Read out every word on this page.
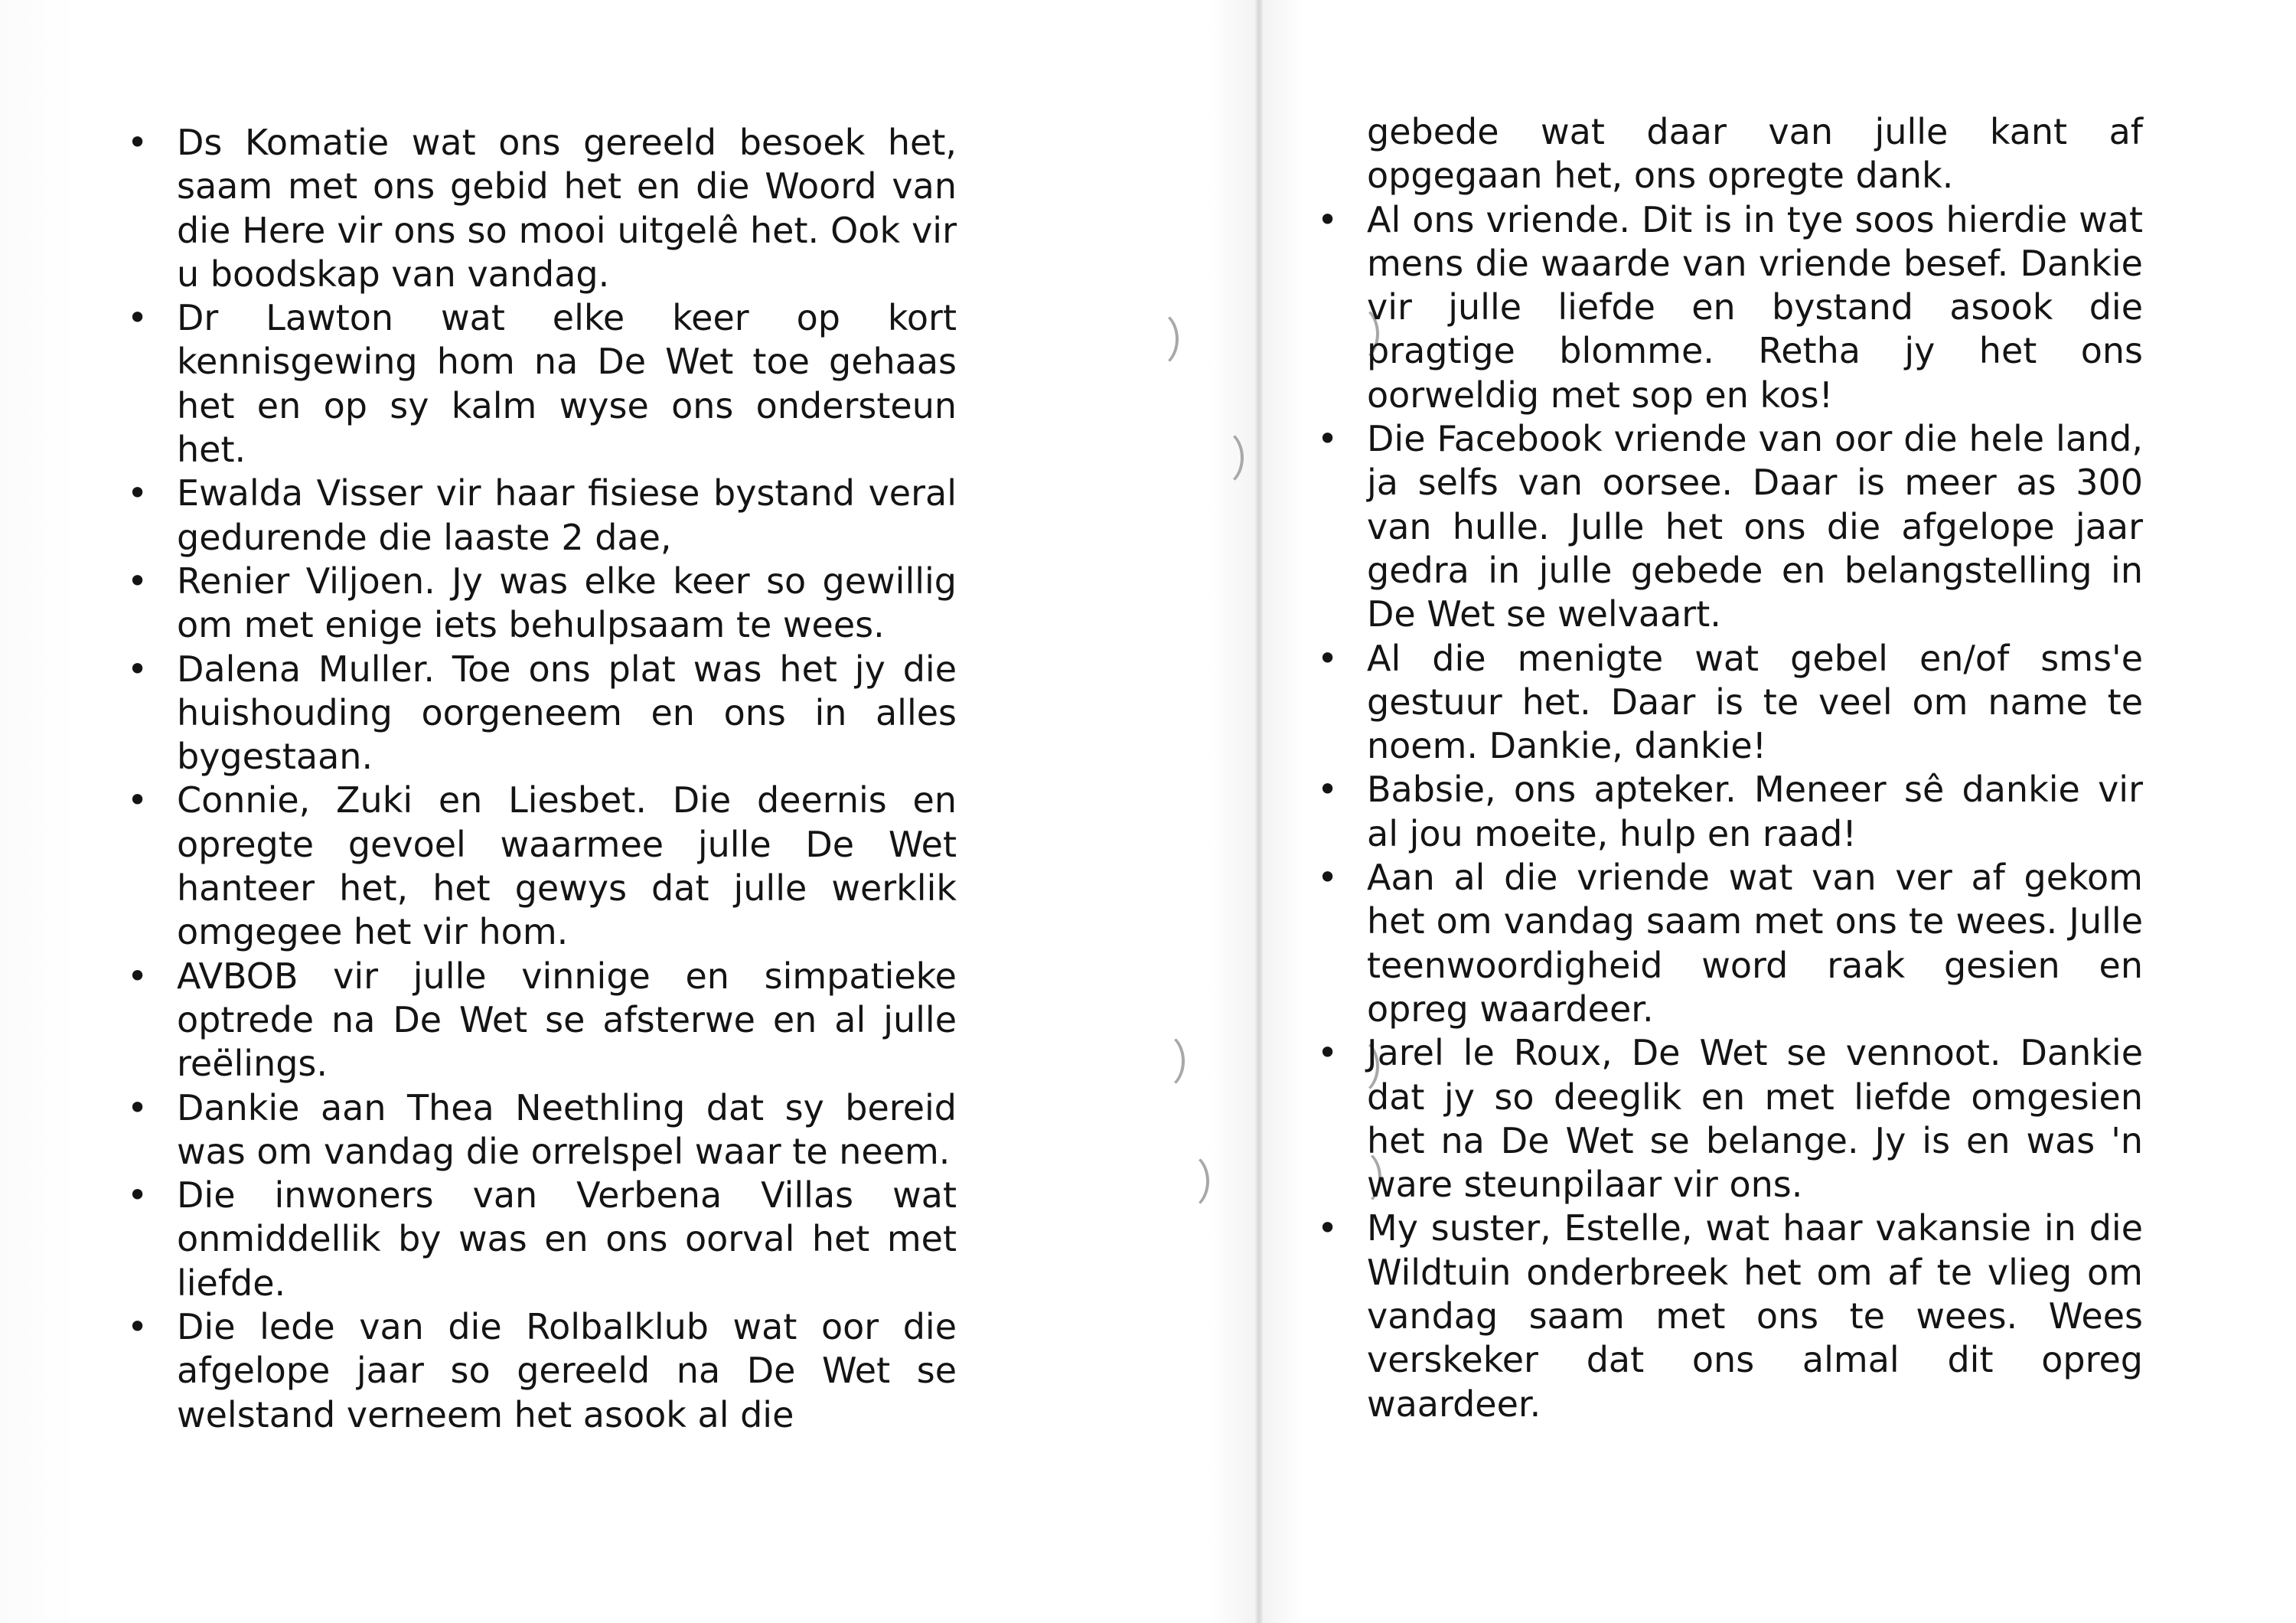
• Ds Komatie wat ons gereeld besoek het, saam met ons gebid het en die Woord van die Here vir ons so mooi uitgelê het. Ook vir u boodskap van vandag.
• Dr Lawton wat elke keer op kort kennisgewing hom na De Wet toe gehaas het en op sy kalm wyse ons ondersteun het.
• Ewalda Visser vir haar fisiese bystand veral gedurende die laaste 2 dae,
• Renier Viljoen. Jy was elke keer so gewillig om met enige iets behulpsaam te wees.
• Dalena Muller. Toe ons plat was het jy die huishouding oorgeneem en ons in alles bygestaan.
• Connie, Zuki en Liesbet. Die deernis en opregte gevoel waarmee julle De Wet hanteer het, het gewys dat julle werklik omgegee het vir hom.
• AVBOB vir julle vinnige en simpatieke optrede na De Wet se afsterwe en al julle reëlings.
• Dankie aan Thea Neethling dat sy bereid was om vandag die orrelspel waar te neem.
• Die inwoners van Verbena Villas wat onmiddellik by was en ons oorval het met liefde.
• Die lede van die Rolbalklub wat oor die afgelope jaar so gereeld na De Wet se welstand verneem het asook al die
gebede wat daar van julle kant af opgegaan het, ons opregte dank.
• Al ons vriende. Dit is in tye soos hierdie wat mens die waarde van vriende besef. Dankie vir julle liefde en bystand asook die pragtige blomme. Retha jy het ons oorweldig met sop en kos!
• Die Facebook vriende van oor die hele land, ja selfs van oorsee. Daar is meer as 300 van hulle. Julle het ons die afgelope jaar gedra in julle gebede en belangstelling in De Wet se welvaart.
• Al die menigte wat gebel en/of sms'e gestuur het. Daar is te veel om name te noem. Dankie, dankie!
• Babsie, ons apteker. Meneer sê dankie vir al jou moeite, hulp en raad!
• Aan al die vriende wat van ver af gekom het om vandag saam met ons te wees. Julle teenwoordigheid word raak gesien en opreg waardeer.
• Jarel le Roux, De Wet se vennoot. Dankie dat jy so deeglik en met liefde omgesien het na De Wet se belange. Jy is en was 'n ware steunpilaar vir ons.
• My suster, Estelle, wat haar vakansie in die Wildtuin onderbreek het om af te vlieg om vandag saam met ons te wees. Wees verskeker dat ons almal dit opreg waardeer.
